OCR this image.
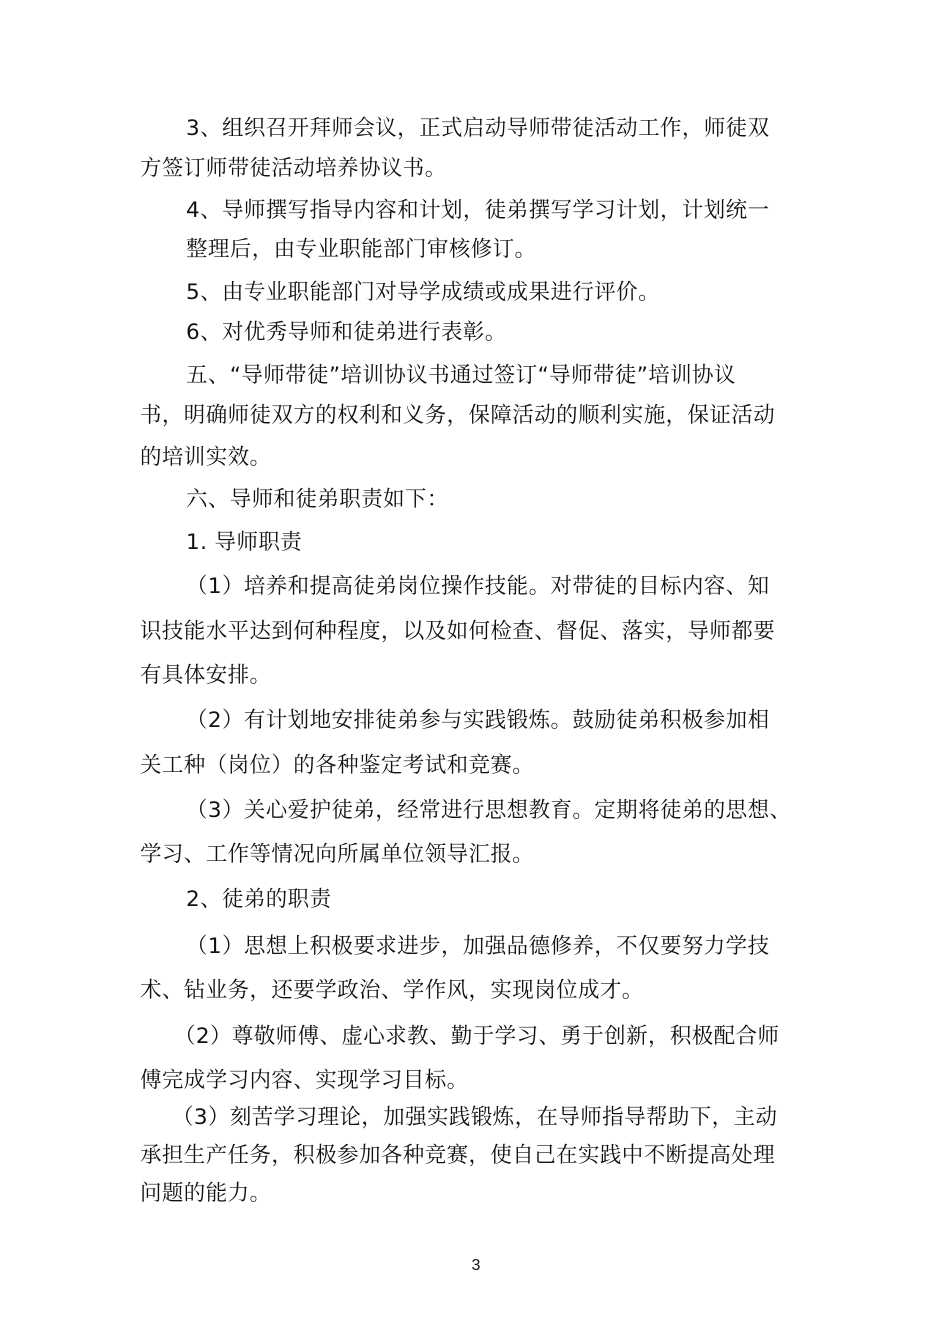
3、组织召开拜师会议，正式启动导师带徒活动工作，师徒双
方签订师带徒活动培养协议书。
4、导师撰写指导内容和计划，徒弟撰写学习计划，计划统一
整理后，由专业职能部门审核修订。
5、由专业职能部门对导学成绩或成果进行评价。
6、对优秀导师和徒弟进行表彰。
五、“导师带徒”培训协议书通过签订“导师带徒”培训协议
书，明确师徒双方的权利和义务，保障活动的顺利实施，保证活动
的培训实效。
六、导师和徒弟职责如下：
1. 导师职责
（1）培养和提高徒弟岗位操作技能。对带徒的目标内容、知
识技能水平达到何种程度，以及如何检查、督促、落实，导师都要
有具体安排。
（2）有计划地安排徒弟参与实践锻炼。鼓励徒弟积极参加相
关工种（岗位）的各种鉴定考试和竞赛。
（3）关心爱护徒弟，经常进行思想教育。定期将徒弟的思想、
学习、工作等情况向所属单位领导汇报。
2、徒弟的职责
（1）思想上积极要求进步，加强品德修养，不仅要努力学技
术、钻业务，还要学政治、学作风，实现岗位成才。
（2）尊敬师傅、虚心求教、勤于学习、勇于创新，积极配合师
傅完成学习内容、实现学习目标。
（3）刻苦学习理论，加强实践锻炼，在导师指导帮助下，主动
承担生产任务，积极参加各种竞赛，使自己在实践中不断提高处理
问题的能力。
3
